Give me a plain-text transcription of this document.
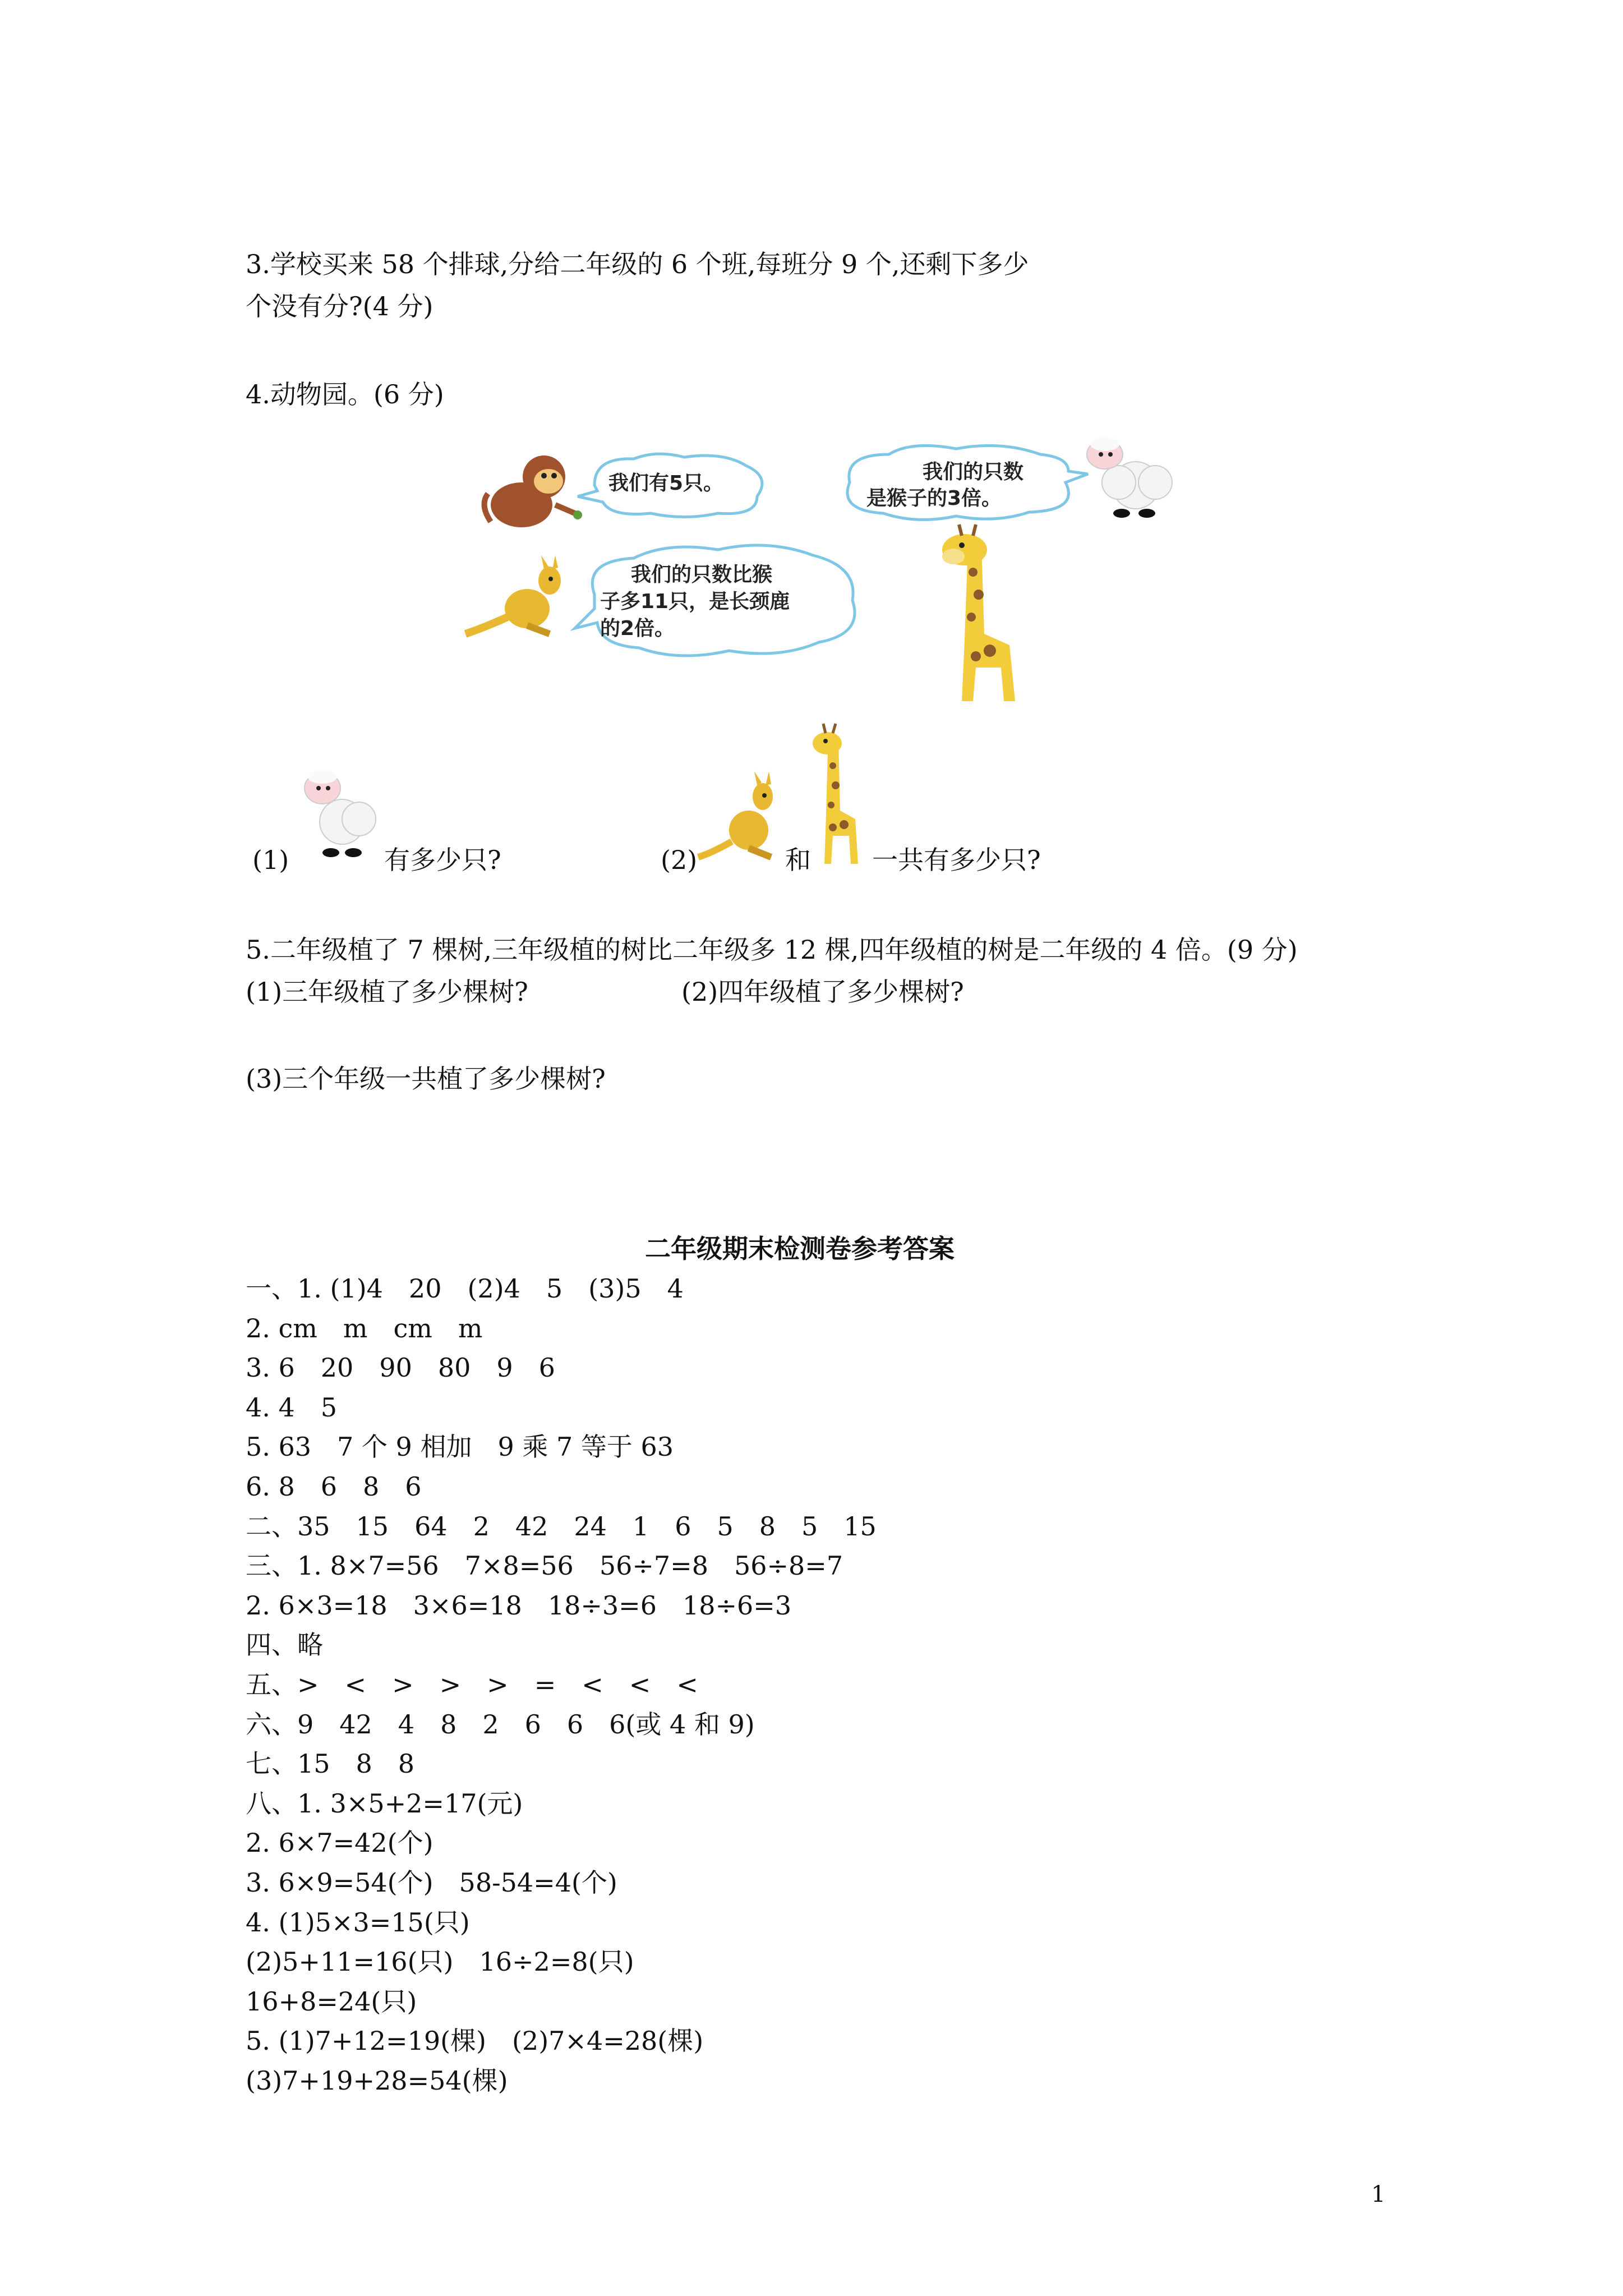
3.学校买来 58 个排球,分给二年级的 6 个班,每班分 9 个,还剩下多少
个没有分?(4 分)
4.动物园。(6 分)
我们有5只。	我们的只数
是猴子的3倍。
我们的只数比猴
子多11只，是长颈鹿
的2倍。
(1)	有多少只?	(2)	和 一共有多少只?
5.二年级植了 7 棵树,三年级植的树比二年级多 12 棵,四年级植的树是二年级的 4 倍。(9 分)
(1)三年级植了多少棵树?	(2)四年级植了多少棵树?
(3)三个年级一共植了多少棵树?
二年级期末检测卷参考答案
一、1. (1)4　20　(2)4　5　(3)5　4
2. cm　m　cm　m
3. 6　20　90　80　9　6
4. 4　5
5. 63　7 个 9 相加　9 乘 7 等于 63
6. 8　6　8　6
二、35　15　64　2　42　24　1　6　5　8　5　15
三、1. 8×7=56　7×8=56　56÷7=8　56÷8=7
2. 6×3=18　3×6=18　18÷3=6　18÷6=3
四、略
五、>　<　>　>　>　=　<　<　<
六、9　42　4　8　2　6　6　6(或 4 和 9)
七、15　8　8
八、1. 3×5+2=17(元)
2. 6×7=42(个)
3. 6×9=54(个)　58-54=4(个)
4. (1)5×3=15(只)
(2)5+11=16(只)　16÷2=8(只)
16+8=24(只)
5. (1)7+12=19(棵)　(2)7×4=28(棵)
(3)7+19+28=54(棵)
1
